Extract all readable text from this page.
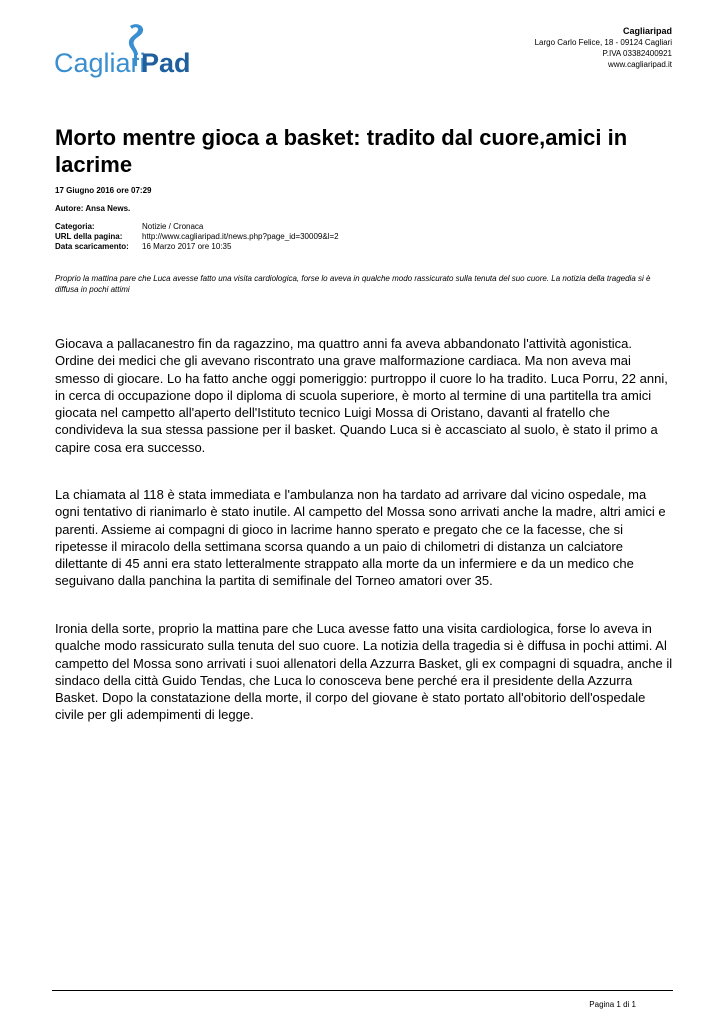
Cagliari
Pad
Cagliaripad
Largo Carlo Felice, 18 - 09124 Cagliari
P.IVA 03382400921
www.cagliaripad.it
Morto mentre gioca a basket: tradito dal cuore,amici in lacrime
17 Giugno 2016 ore 07:29
Autore: Ansa News.
Categoria:	Notizie / Cronaca
URL della pagina:	http://www.cagliaripad.it/news.php?page_id=30009&l=2
Data scaricamento:	16 Marzo 2017 ore 10:35
Proprio la mattina pare che Luca avesse fatto una visita cardiologica, forse lo aveva in qualche modo rassicurato sulla tenuta del suo cuore. La notizia della tragedia si è diffusa in pochi attimi

Giocava a pallacanestro fin da ragazzino, ma quattro anni fa aveva abbandonato l'attività agonistica. Ordine dei medici che gli avevano riscontrato una grave malformazione cardiaca. Ma non aveva mai smesso di giocare. Lo ha fatto anche oggi pomeriggio: purtroppo il cuore lo ha tradito. Luca Porru, 22 anni, in cerca di occupazione dopo il diploma di scuola superiore, è morto al termine di una partitella tra amici giocata nel campetto all'aperto dell'Istituto tecnico Luigi Mossa di Oristano, davanti al fratello che condivideva la sua stessa passione per il basket. Quando Luca si è accasciato al suolo, è stato il primo a capire cosa era successo.

La chiamata al 118 è stata immediata e l'ambulanza non ha tardato ad arrivare dal vicino ospedale, ma ogni tentativo di rianimarlo è stato inutile. Al campetto del Mossa sono arrivati anche la madre, altri amici e parenti. Assieme ai compagni di gioco in lacrime hanno sperato e pregato che ce la facesse, che si ripetesse il miracolo della settimana scorsa quando a un paio di chilometri di distanza un calciatore dilettante di 45 anni era stato letteralmente strappato alla morte da un infermiere e da un medico che seguivano dalla panchina la partita di semifinale del Torneo amatori over 35.

Ironia della sorte, proprio la mattina pare che Luca avesse fatto una visita cardiologica, forse lo aveva in qualche modo rassicurato sulla tenuta del suo cuore. La notizia della tragedia si è diffusa in pochi attimi. Al campetto del Mossa sono arrivati i suoi allenatori della Azzurra Basket, gli ex compagni di squadra, anche il sindaco della città Guido Tendas, che Luca lo conosceva bene perché era il presidente della Azzurra Basket. Dopo la constatazione della morte, il corpo del giovane è stato portato all'obitorio dell'ospedale civile per gli adempimenti di legge.

Pagina 1 di 1
